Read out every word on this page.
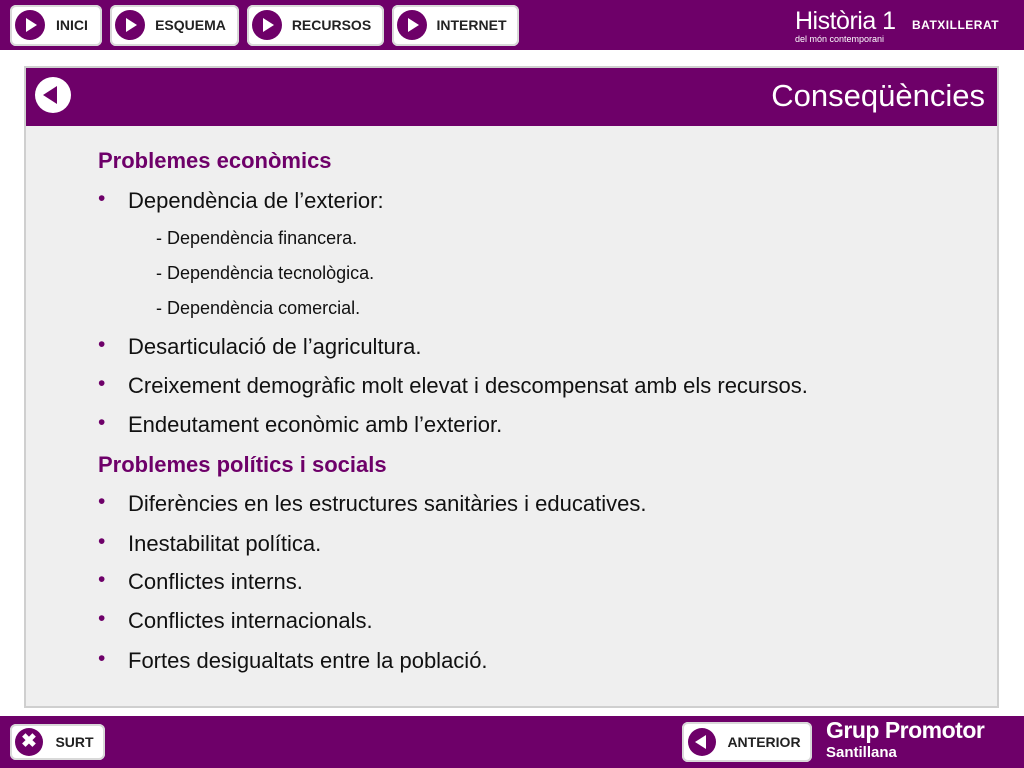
INICI	ESQUEMA	RECURSOS	INTERNET	Història 1 BATXILLERAT
del món contemporani
Conseqüències
Problemes econòmics
• Dependència de l’exterior:
- Dependència financera.
- Dependència tecnològica.
- Dependència comercial.
• Desarticulació de l’agricultura.
• Creixement demogràfic molt elevat i descompensat amb els recursos.
• Endeutament econòmic amb l’exterior.
Problemes polítics i socials
• Diferències en les estructures sanitàries i educatives.
• Inestabilitat política.
• Conflictes interns.
• Conflictes internacionals.
• Fortes desigualtats entre la població.
✖	SURT	ANTERIOR Grup Promotor
Santillana
